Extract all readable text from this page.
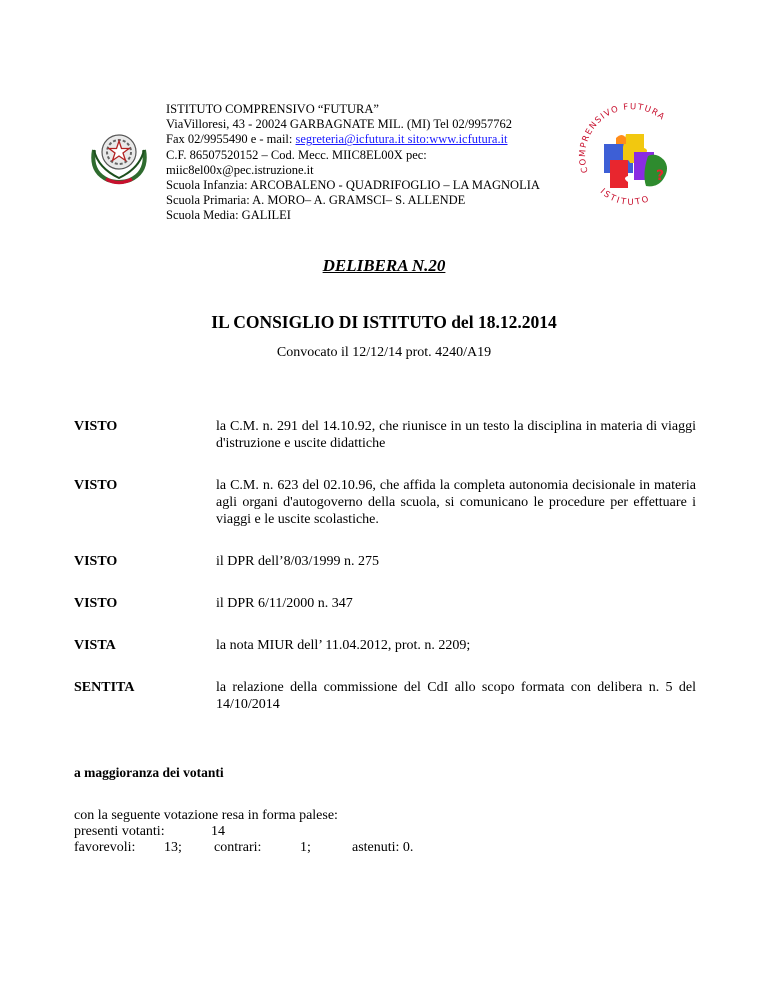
ISTITUTO COMPRENSIVO “FUTURA”
ViaVilloresi, 43 - 20024 GARBAGNATE MIL. (MI) Tel 02/9957762
Fax 02/9955490 e - mail: segreteria@icfutura.it sito:www.icfutura.it
C.F. 86507520152 – Cod. Mecc. MIIC8EL00X pec:
miic8el00x@pec.istruzione.it
Scuola Infanzia: ARCOBALENO - QUADRIFOGLIO – LA MAGNOLIA
Scuola Primaria: A. MORO– A. GRAMSCI– S. ALLENDE
Scuola Media: GALILEI
COMPRENSIVO FUTURA
ISTITUTO
?
DELIBERA N.20
IL CONSIGLIO DI ISTITUTO del 18.12.2014
Convocato il 12/12/14 prot. 4240/A19
VISTO	la C.M. n. 291 del 14.10.92, che riunisce in un testo la disciplina in materia di viaggi d'istruzione e uscite didattiche
VISTO	la C.M. n. 623 del 02.10.96, che affida la completa autonomia decisionale in materia agli organi d'autogoverno della scuola, si comunicano le procedure per effettuare i viaggi e le uscite scolastiche.
VISTO	il DPR dell’8/03/1999 n. 275
VISTO	il DPR 6/11/2000 n. 347
VISTA	la nota MIUR dell’ 11.04.2012, prot. n. 2209;
SENTITA	la relazione della commissione del CdI allo scopo formata con delibera n. 5 del 14/10/2014
a maggioranza dei votanti
con la seguente votazione resa in forma palese:
presenti votanti:	14
favorevoli: 13; contrari:	1;	astenuti: 0.
